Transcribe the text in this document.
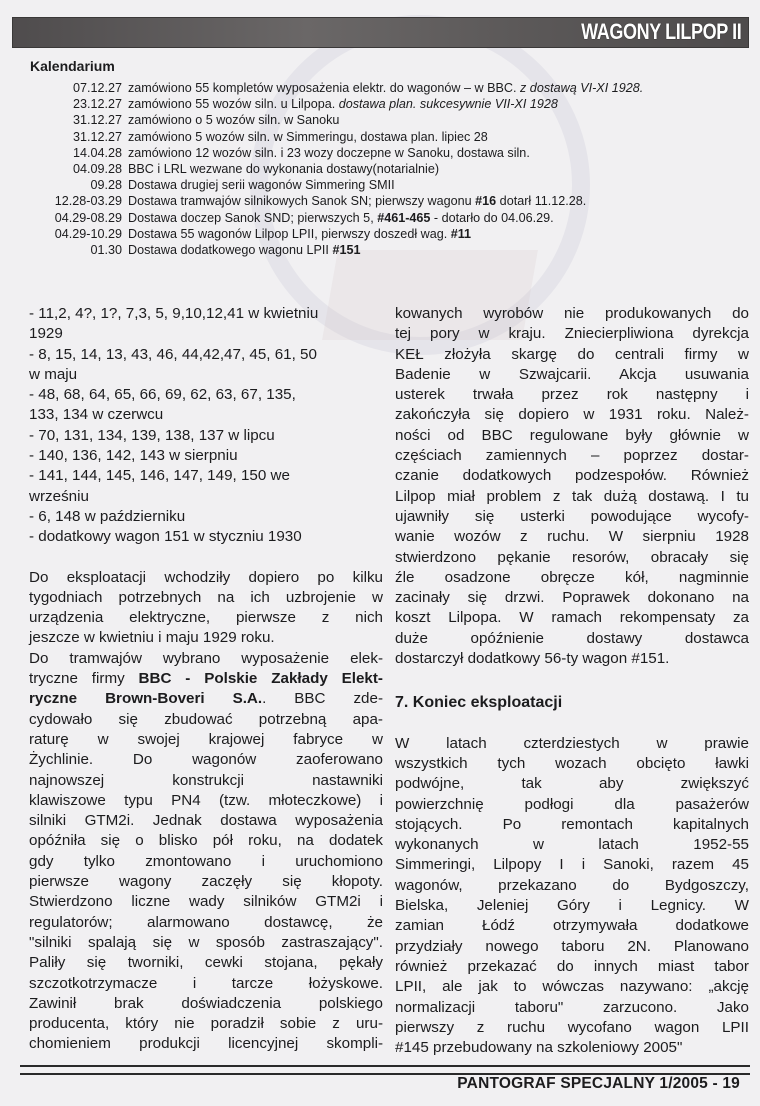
WAGONY LILPOP II
Kalendarium
07.12.27 zamówiono 55 kompletów wyposażenia elektr. do wagonów – w BBC. z dostawą VI-XI 1928.
23.12.27 zamówiono 55 wozów siln. u Lilpopa. dostawa plan. sukcesywnie VII-XI 1928
31.12.27 zamówiono o 5 wozów siln. w Sanoku
31.12.27 zamówiono 5 wozów siln. w Simmeringu, dostawa plan. lipiec 28
14.04.28 zamówiono 12 wozów siln. i 23 wozy doczepne w Sanoku, dostawa siln.
04.09.28 BBC i LRL wezwane do wykonania dostawy(notarialnie)
09.28 Dostawa drugiej serii wagonów Simmering SMII
12.28-03.29 Dostawa tramwajów silnikowych Sanok SN; pierwszy wagonu #16 dotarł 11.12.28.
04.29-08.29 Dostawa doczep Sanok SND; pierwszych 5, #461-465 - dotarło do 04.06.29.
04.29-10.29 Dostawa 55 wagonów Lilpop LPII, pierwszy doszedł wag. #11
01.30 Dostawa dodatkowego wagonu LPII #151
- 11,2, 4?, 1?, 7,3, 5, 9,10,12,41 w kwietniu
1929
- 8, 15, 14, 13, 43, 46, 44,42,47, 45, 61, 50
w maju
- 48, 68, 64, 65, 66, 69, 62, 63, 67, 135,
133, 134 w czerwcu
- 70, 131, 134, 139, 138, 137 w lipcu
- 140, 136, 142, 143 w sierpniu
- 141, 144, 145, 146, 147, 149, 150 we
wrześniu
- 6, 148 w październiku
- dodatkowy wagon 151 w styczniu 1930
Do eksploatacji wchodziły dopiero po kilku
tygodniach potrzebnych na ich uzbrojenie w
urządzenia elektryczne, pierwsze z nich
jeszcze w kwietniu i maju 1929 roku.
Do tramwajów wybrano wyposażenie elek-
tryczne firmy BBC - Polskie Zakłady Elekt-
ryczne Brown-Boveri S.A.. BBC zde-
cydowało się zbudować potrzebną apa-
raturę w swojej krajowej fabryce w
Żychlinie. Do wagonów zaoferowano
najnowszej konstrukcji nastawniki
klawiszowe typu PN4 (tzw. młoteczkowe) i
silniki GTM2i. Jednak dostawa wyposażenia
opóźniła się o blisko pół roku, na dodatek
gdy tylko zmontowano i uruchomiono
pierwsze wagony zaczęły się kłopoty.
Stwierdzono liczne wady silników GTM2i i
regulatorów; alarmowano dostawcę, że
"silniki spalają się w sposób zastraszający".
Paliły się tworniki, cewki stojana, pękały
szczotkotrzymacze i tarcze łożyskowe.
Zawinił brak doświadczenia polskiego
producenta, który nie poradził sobie z uru-
chomieniem produkcji licencyjnej skompli-
kowanych wyrobów nie produkowanych do
tej pory w kraju. Zniecierpliwiona dyrekcja
KEŁ złożyła skargę do centrali firmy w
Badenie w Szwajcarii. Akcja usuwania
usterek trwała przez rok następny i
zakończyła się dopiero w 1931 roku. Należ-
ności od BBC regulowane były głównie w
częściach zamiennych – poprzez dostar-
czanie dodatkowych podzespołów. Również
Lilpop miał problem z tak dużą dostawą. I tu
ujawniły się usterki powodujące wycofy-
wanie wozów z ruchu. W sierpniu 1928
stwierdzono pękanie resorów, obracały się
źle osadzone obręcze kół, nagminnie
zacinały się drzwi. Poprawek dokonano na
koszt Lilpopa. W ramach rekompensaty za
duże opóźnienie dostawy dostawca
dostarczył dodatkowy 56-ty wagon #151.
7. Koniec eksploatacji
W latach czterdziestych w prawie
wszystkich tych wozach obcięto ławki
podwójne, tak aby zwiększyć
powierzchnię podłogi dla pasażerów
stojących. Po remontach kapitalnych
wykonanych w latach 1952-55
Simmeringi, Lilpopy I i Sanoki, razem 45
wagonów, przekazano do Bydgoszczy,
Bielska, Jeleniej Góry i Legnicy. W
zamian Łódź otrzymywała dodatkowe
przydziały nowego taboru 2N. Planowano
również przekazać do innych miast tabor
LPII, ale jak to wówczas nazywano: „akcję
normalizacji taboru" zarzucono. Jako
pierwszy z ruchu wycofano wagon LPII
#145 przebudowany na szkoleniowy 2005"
PANTOGRAF SPECJALNY 1/2005 - 19
